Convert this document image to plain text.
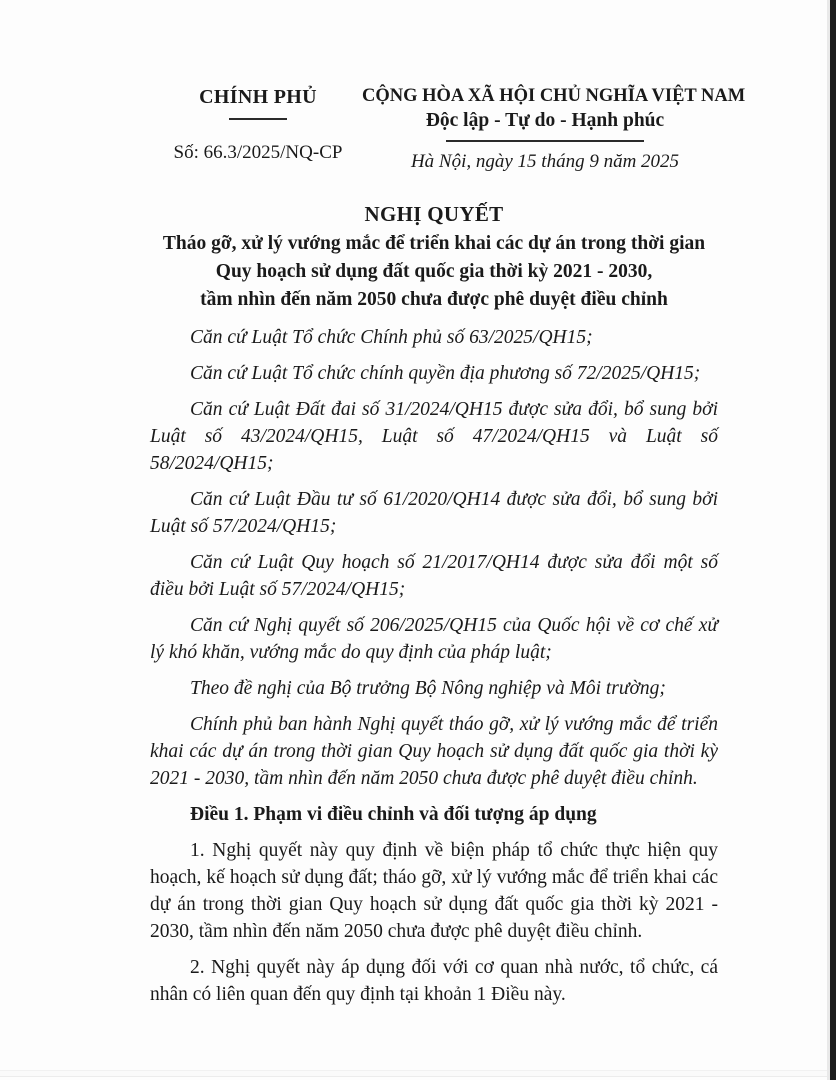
CHÍNH PHỦ
Số: 66.3/2025/NQ-CP
CỘNG HÒA XÃ HỘI CHỦ NGHĨA VIỆT NAM
Độc lập - Tự do - Hạnh phúc
Hà Nội, ngày 15 tháng 9 năm 2025
NGHỊ QUYẾT
Tháo gỡ, xử lý vướng mắc để triển khai các dự án trong thời gian
Quy hoạch sử dụng đất quốc gia thời kỳ 2021 - 2030,
tầm nhìn đến năm 2050 chưa được phê duyệt điều chỉnh

Căn cứ Luật Tổ chức Chính phủ số 63/2025/QH15;

Căn cứ Luật Tổ chức chính quyền địa phương số 72/2025/QH15;

Căn cứ Luật Đất đai số 31/2024/QH15 được sửa đổi, bổ sung bởi Luật số 43/2024/QH15, Luật số 47/2024/QH15 và Luật số 58/2024/QH15;

Căn cứ Luật Đầu tư số 61/2020/QH14 được sửa đổi, bổ sung bởi Luật số 57/2024/QH15;

Căn cứ Luật Quy hoạch số 21/2017/QH14 được sửa đổi một số điều bởi Luật số 57/2024/QH15;

Căn cứ Nghị quyết số 206/2025/QH15 của Quốc hội về cơ chế xử lý khó khăn, vướng mắc do quy định của pháp luật;

Theo đề nghị của Bộ trưởng Bộ Nông nghiệp và Môi trường;

Chính phủ ban hành Nghị quyết tháo gỡ, xử lý vướng mắc để triển khai các dự án trong thời gian Quy hoạch sử dụng đất quốc gia thời kỳ 2021 - 2030, tầm nhìn đến năm 2050 chưa được phê duyệt điều chỉnh.

Điều 1. Phạm vi điều chỉnh và đối tượng áp dụng

1. Nghị quyết này quy định về biện pháp tổ chức thực hiện quy hoạch, kế hoạch sử dụng đất; tháo gỡ, xử lý vướng mắc để triển khai các dự án trong thời gian Quy hoạch sử dụng đất quốc gia thời kỳ 2021 - 2030, tầm nhìn đến năm 2050 chưa được phê duyệt điều chỉnh.

2. Nghị quyết này áp dụng đối với cơ quan nhà nước, tổ chức, cá nhân có liên quan đến quy định tại khoản 1 Điều này.
